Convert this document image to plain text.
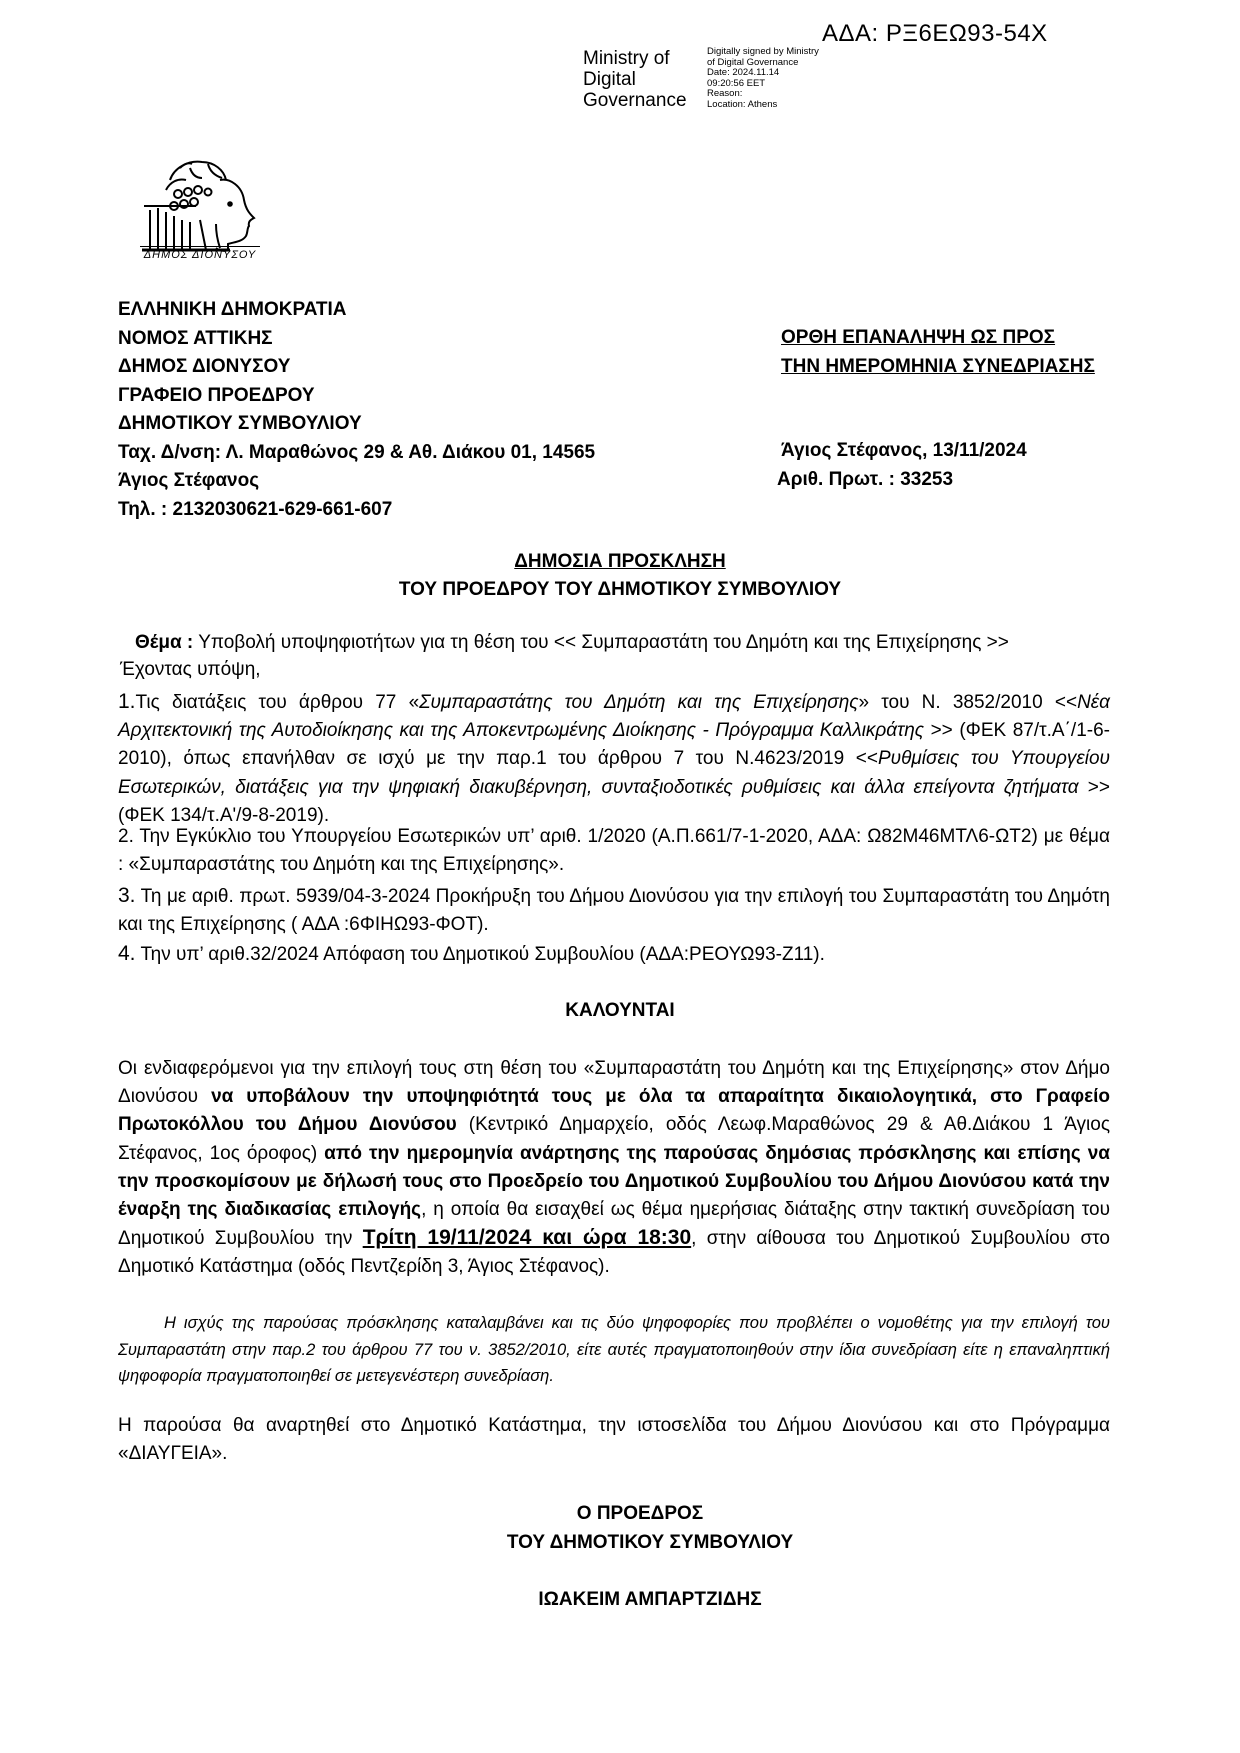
ΑΔΑ: ΡΞ6ΕΩ93-54Χ
Ministry of
Digital
Governance
Digitally signed by Ministry
of Digital Governance
Date: 2024.11.14
09:20:56 EET
Reason:
Location: Athens
ΔΗΜΟΣ ΔΙΟΝΥΣΟΥ
ΕΛΛΗΝΙΚΗ ΔΗΜΟΚΡΑΤΙΑ
ΝΟΜΟΣ ΑΤΤΙΚΗΣ
ΔΗΜΟΣ ΔΙΟΝΥΣΟΥ
ΓΡΑΦΕΙΟ ΠΡΟΕΔΡΟΥ
ΔΗΜΟΤΙΚΟΥ ΣΥΜΒΟΥΛΙΟΥ
Ταχ. Δ/νση: Λ. Μαραθώνος 29 & Αθ. Διάκου 01, 14565
Άγιος Στέφανος
Τηλ. : 2132030621-629-661-607
ΟΡΘΗ ΕΠΑΝΑΛΗΨΗ ΩΣ ΠΡΟΣ
ΤΗΝ ΗΜΕΡΟΜΗΝΙΑ ΣΥΝΕΔΡΙΑΣΗΣ
Άγιος Στέφανος, 13/11/2024
Αριθ. Πρωτ. : 33253
ΔΗΜΟΣΙΑ ΠΡΟΣΚΛΗΣΗ
ΤΟΥ ΠΡΟΕΔΡΟΥ ΤΟΥ ΔΗΜΟΤΙΚΟΥ ΣΥΜΒΟΥΛΙΟΥ
Θέμα : Υποβολή υποψηφιοτήτων για τη θέση του << Συμπαραστάτη του Δημότη και της Επιχείρησης >>
Έχοντας υπόψη,
1.Τις διατάξεις του άρθρου 77 «Συμπαραστάτης του Δημότη και της Επιχείρησης» του Ν. 3852/2010 <<Νέα Αρχιτεκτονική της Αυτοδιοίκησης και της Αποκεντρωμένης Διοίκησης - Πρόγραμμα Καλλικράτης >> (ΦΕΚ 87/τ.Α΄/1-6-2010), όπως επανήλθαν σε ισχύ με την παρ.1 του άρθρου 7 του Ν.4623/2019 <<Ρυθμίσεις του Υπουργείου Εσωτερικών, διατάξεις για την ψηφιακή διακυβέρνηση, συνταξιοδοτικές ρυθμίσεις και άλλα επείγοντα ζητήματα >> (ΦΕΚ 134/τ.Α'/9-8-2019).
2. Την Εγκύκλιο του Υπουργείου Εσωτερικών υπ’ αριθ. 1/2020 (Α.Π.661/7-1-2020, ΑΔΑ: Ω82Μ46ΜΤΛ6-ΩΤ2) με θέμα : «Συμπαραστάτης του Δημότη και της Επιχείρησης».
3. Τη με αριθ. πρωτ. 5939/04-3-2024 Προκήρυξη του Δήμου Διονύσου για την επιλογή του Συμπαραστάτη του Δημότη και της Επιχείρησης ( ΑΔΑ :6ΦΙΗΩ93-ΦΟΤ).
4. Την υπ’ αριθ.32/2024 Απόφαση του Δημοτικού Συμβουλίου (ΑΔΑ:ΡΕΟΥΩ93-Ζ11).
ΚΑΛΟΥΝΤΑΙ
Οι ενδιαφερόμενοι για την επιλογή τους στη θέση του «Συμπαραστάτη του Δημότη και της Επιχείρησης» στον Δήμο Διονύσου να υποβάλουν την υποψηφιότητά τους με όλα τα απαραίτητα δικαιολογητικά, στο Γραφείο Πρωτοκόλλου του Δήμου Διονύσου (Κεντρικό Δημαρχείο, οδός Λεωφ.Μαραθώνος 29 & Αθ.Διάκου 1 Άγιος Στέφανος, 1ος όροφος) από την ημερομηνία ανάρτησης της παρούσας δημόσιας πρόσκλησης και επίσης να την προσκομίσουν με δήλωσή τους στο Προεδρείο του Δημοτικού Συμβουλίου του Δήμου Διονύσου κατά την έναρξη της διαδικασίας επιλογής, η οποία θα εισαχθεί ως θέμα ημερήσιας διάταξης στην τακτική συνεδρίαση του Δημοτικού Συμβουλίου την Τρίτη 19/11/2024 και ώρα 18:30, στην αίθουσα του Δημοτικού Συμβουλίου στο Δημοτικό Κατάστημα (οδός Πεντζερίδη 3, Άγιος Στέφανος).
Η ισχύς της παρούσας πρόσκλησης καταλαμβάνει και τις δύο ψηφοφορίες που προβλέπει ο νομοθέτης για την επιλογή του Συμπαραστάτη στην παρ.2 του άρθρου 77 του ν. 3852/2010, είτε αυτές πραγματοποιηθούν στην ίδια συνεδρίαση είτε η επαναληπτική ψηφοφορία πραγματοποιηθεί σε μετεγενέστερη συνεδρίαση.
Η παρούσα θα αναρτηθεί στο Δημοτικό Κατάστημα, την ιστοσελίδα του Δήμου Διονύσου και στο Πρόγραμμα «ΔΙΑΥΓΕΙΑ».
Ο ΠΡΟΕΔΡΟΣ
ΤΟΥ ΔΗΜΟΤΙΚΟΥ ΣΥΜΒΟΥΛΙΟΥ
ΙΩΑΚΕΙΜ ΑΜΠΑΡΤΖΙΔΗΣ
